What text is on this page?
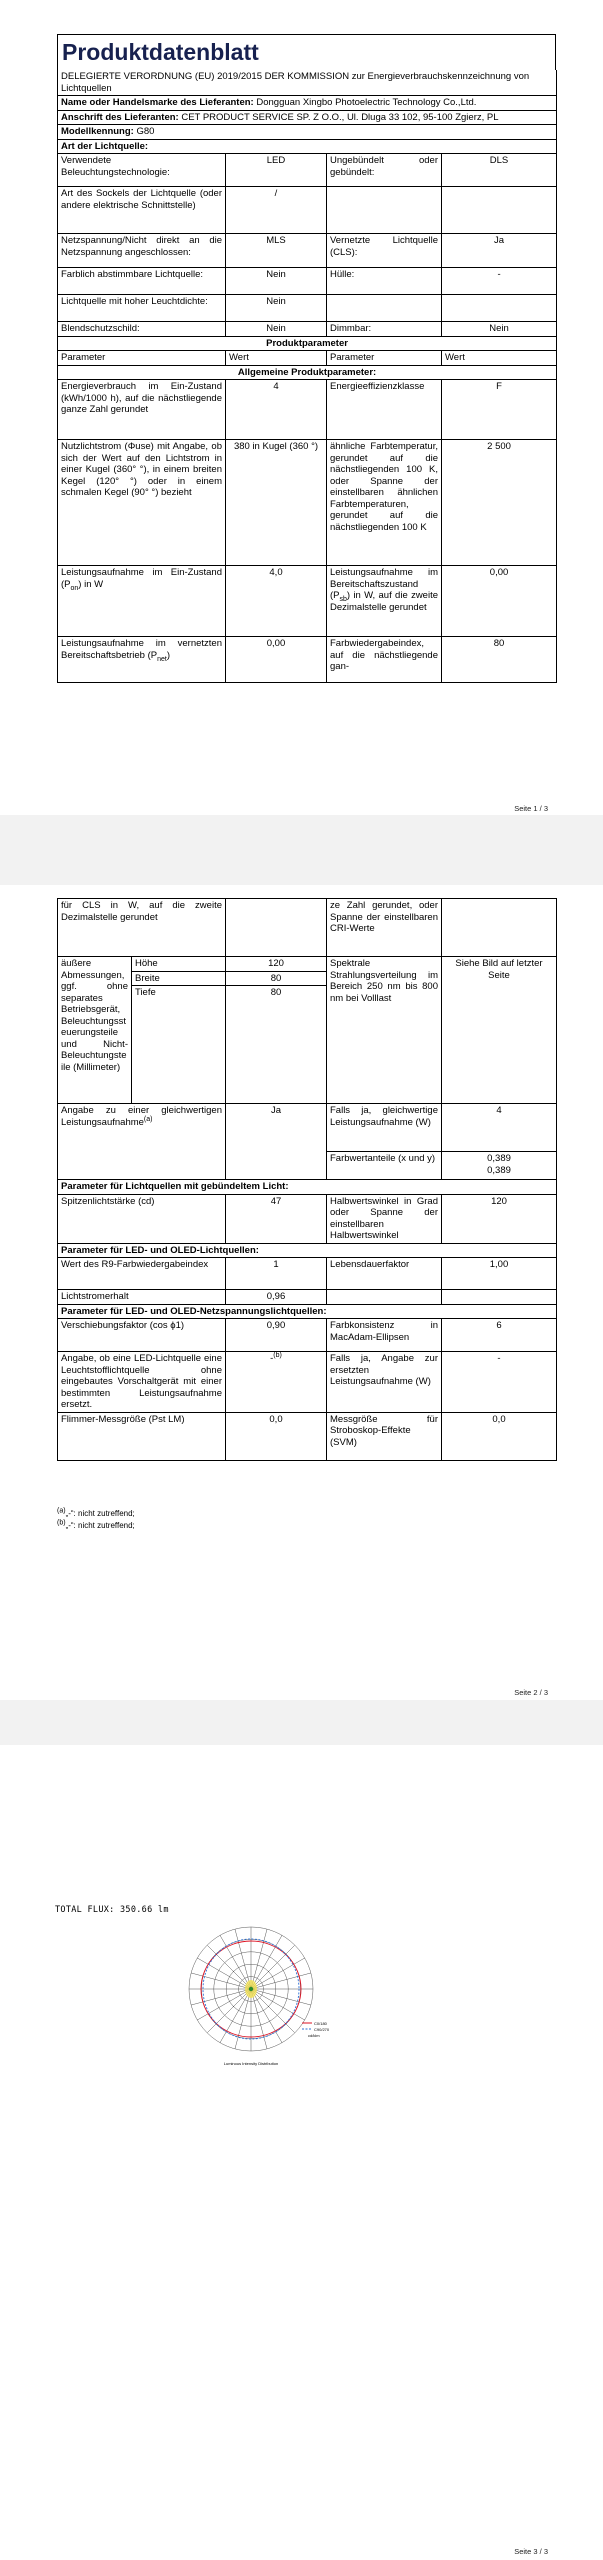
Produktdatenblatt
DELEGIERTE VERORDNUNG (EU) 2019/2015 DER KOMMISSION zur Energieverbrauchskennzeichnung von Lichtquellen			
Name oder Handelsmarke des Lieferanten: Dongguan Xingbo Photoelectric Technology Co.,Ltd.			
Anschrift des Lieferanten: CET PRODUCT SERVICE SP. Z O.O., Ul. Dluga 33 102, 95-100 Zgierz, PL			
Modellkennung: G80			
Art der Lichtquelle:			
Verwendete Beleuchtungstechnologie:	LED	Ungebündelt oder gebündelt:	DLS
Art des Sockels der Lichtquelle (oder andere elektrische Schnittstelle)	/		
Netzspannung/Nicht direkt an die Netzspannung angeschlossen:	MLS	Vernetzte Lichtquelle (CLS):	Ja
Farblich abstimmbare Lichtquelle:	Nein	Hülle:	-
Lichtquelle mit hoher Leuchtdichte:	Nein		
Blendschutzschild:	Nein	Dimmbar:	Nein
Produktparameter			
Parameter	Wert	Parameter	Wert
Allgemeine Produktparameter:			
Energieverbrauch im Ein-Zustand (kWh/1000 h), auf die nächstliegende ganze Zahl gerundet	4	Energieeffizienzklasse	F
Nutzlichtstrom (Φuse) mit Angabe, ob sich der Wert auf den Lichtstrom in einer Kugel (360° °), in einem breiten Kegel (120° °) oder in einem schmalen Kegel (90° °) bezieht	380 in Kugel (360 °)	ähnliche Farbtemperatur, gerundet auf die nächstliegenden 100 K, oder Spanne der einstellbaren ähnlichen Farbtemperaturen, gerundet auf die nächstliegenden 100 K	2 500
Leistungsaufnahme im Ein-Zustand $(P_{on})$ in W	4,0	Leistungsaufnahme im Bereitschaftszustand $(P_{sb})$ in W, auf die zweite Dezimalstelle gerundet	0,00
Leistungsaufnahme im vernetzten Bereitschaftsbetrieb $(P_{net})$	0,00	Farbwiedergabeindex, auf die nächstliegende gan-	80
Seite 1 / 3
für CLS in W, auf die zweite Dezimalstelle gerundet			ze Zahl gerundet, oder Spanne der einstellbaren CRI-Werte	
äußere Abmessungen, ggf. ohne separates Betriebsgerät, Beleuchtungssteuerungsteile und Nicht-Beleuchtungsteile (Millimeter)	Höhe	120	Spektrale Strahlungsverteilung im Bereich 250 nm bis 800 nm bei Volllast	Siehe Bild auf letzter Seite
	Breite	80		
	Tiefe	80		
Angabe zu einer gleichwertigen Leistungsaufnahme$^{(a)}$		Ja	Falls ja, gleichwertige Leistungsaufnahme (W)	4
			Farbwertanteile (x und y)	0,389
0,389

Parameter für Lichtquellen mit gebündeltem Licht:				
Spitzenlichtstärke (cd)		47	Halbwertswinkel in Grad oder Spanne der einstellbaren Halbwertswinkel	120
Parameter für LED- und OLED-Lichtquellen:				
Wert des R9-Farbwiedergabeindex		1	Lebensdauerfaktor	1,00
Lichtstromerhalt		0,96		
Parameter für LED- und OLED-Netzspannungslichtquellen:				
Verschiebungsfaktor (cos ϕ1)		0,90	Farbkonsistenz in MacAdam-Ellipsen	6
Angabe, ob eine LED-Lichtquelle eine Leuchtstofflichtquelle ohne eingebautes Vorschaltgerät mit einer bestimmten Leistungsaufnahme ersetzt.		-$^{(b)}$	Falls ja, Angabe zur ersetzten Leistungsaufnahme (W)	-
Flimmer-Messgröße (Pst LM)		0,0	Messgröße für Stroboskop-Effekte (SVM)	0,0
(a)„-“: nicht zutreffend;
(b)„-“: nicht zutreffend;
Seite 2 / 3
TOTAL FLUX: 350.66 lm
C0/180
C90/270
cd/klm
Luminous Intensity Distribution
Seite 3 / 3
